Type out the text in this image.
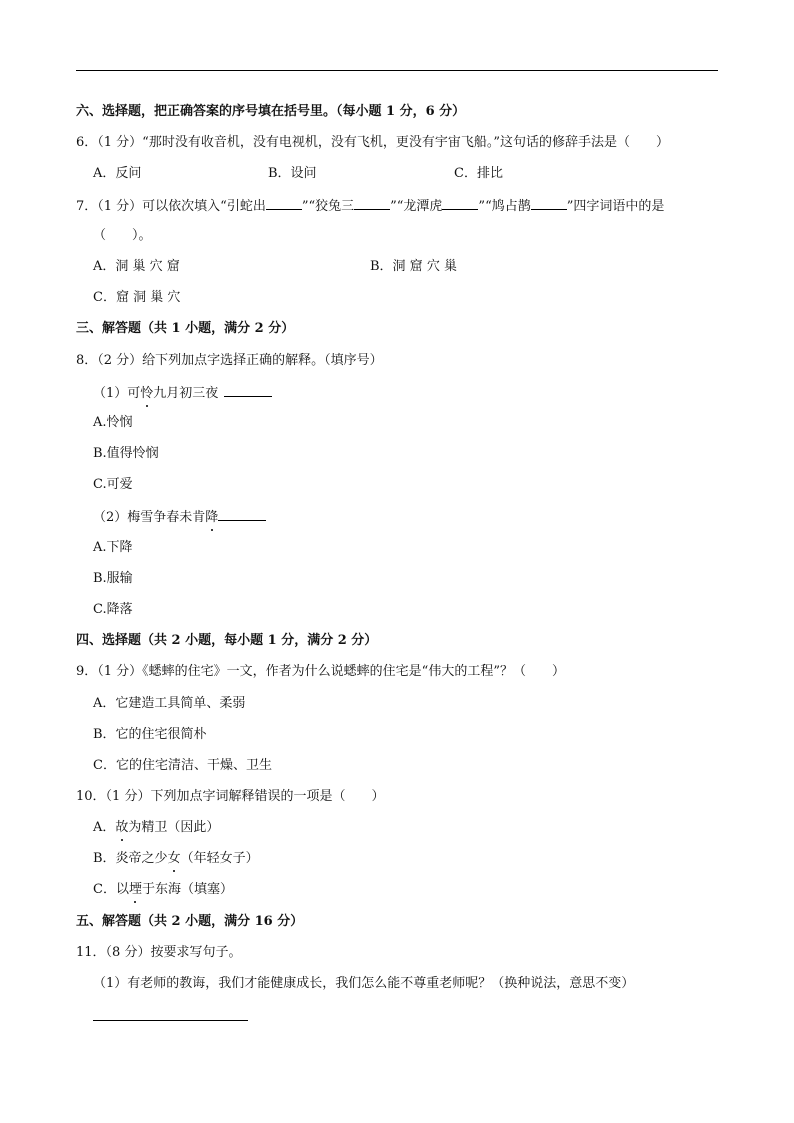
六、选择题，把正确答案的序号填在括号里。（每小题 1 分，6 分）
6．（1 分）“那时没有收音机，没有电视机，没有飞机，更没有宇宙飞船。”这句话的修辞手法是（　　）
A．反问	B．设问	C．排比
7．（1 分）可以依次填入“引蛇出	”“狡兔三	”“龙潭虎	”“鸠占鹊	”四字词语中的是
（　　）。
A．洞 巢 穴 窟	B．洞 窟 穴 巢
C．窟 洞 巢 穴
三、解答题（共 1 小题，满分 2 分）
8．（2 分）给下列加点字选择正确的解释。（填序号）
（1）可怜九月初三夜
A.怜悯
B.值得怜悯
C.可爱
（2）梅雪争春未肯降
A.下降
B.服输
C.降落
四、选择题（共 2 小题，每小题 1 分，满分 2 分）
9．（1 分）《蟋蟀的住宅》一文，作者为什么说蟋蟀的住宅是“伟大的工程”？（　　）
A．它建造工具简单、柔弱
B．它的住宅很简朴
C．它的住宅清洁、干燥、卫生
10．（1 分）下列加点字词解释错误的一项是（　　）
A．故为精卫（因此）
B．炎帝之少女（年轻女子）
C．以堙于东海（填塞）
五、解答题（共 2 小题，满分 16 分）
11．（8 分）按要求写句子。
（1）有老师的教诲，我们才能健康成长，我们怎么能不尊重老师呢？（换种说法，意思不变）
